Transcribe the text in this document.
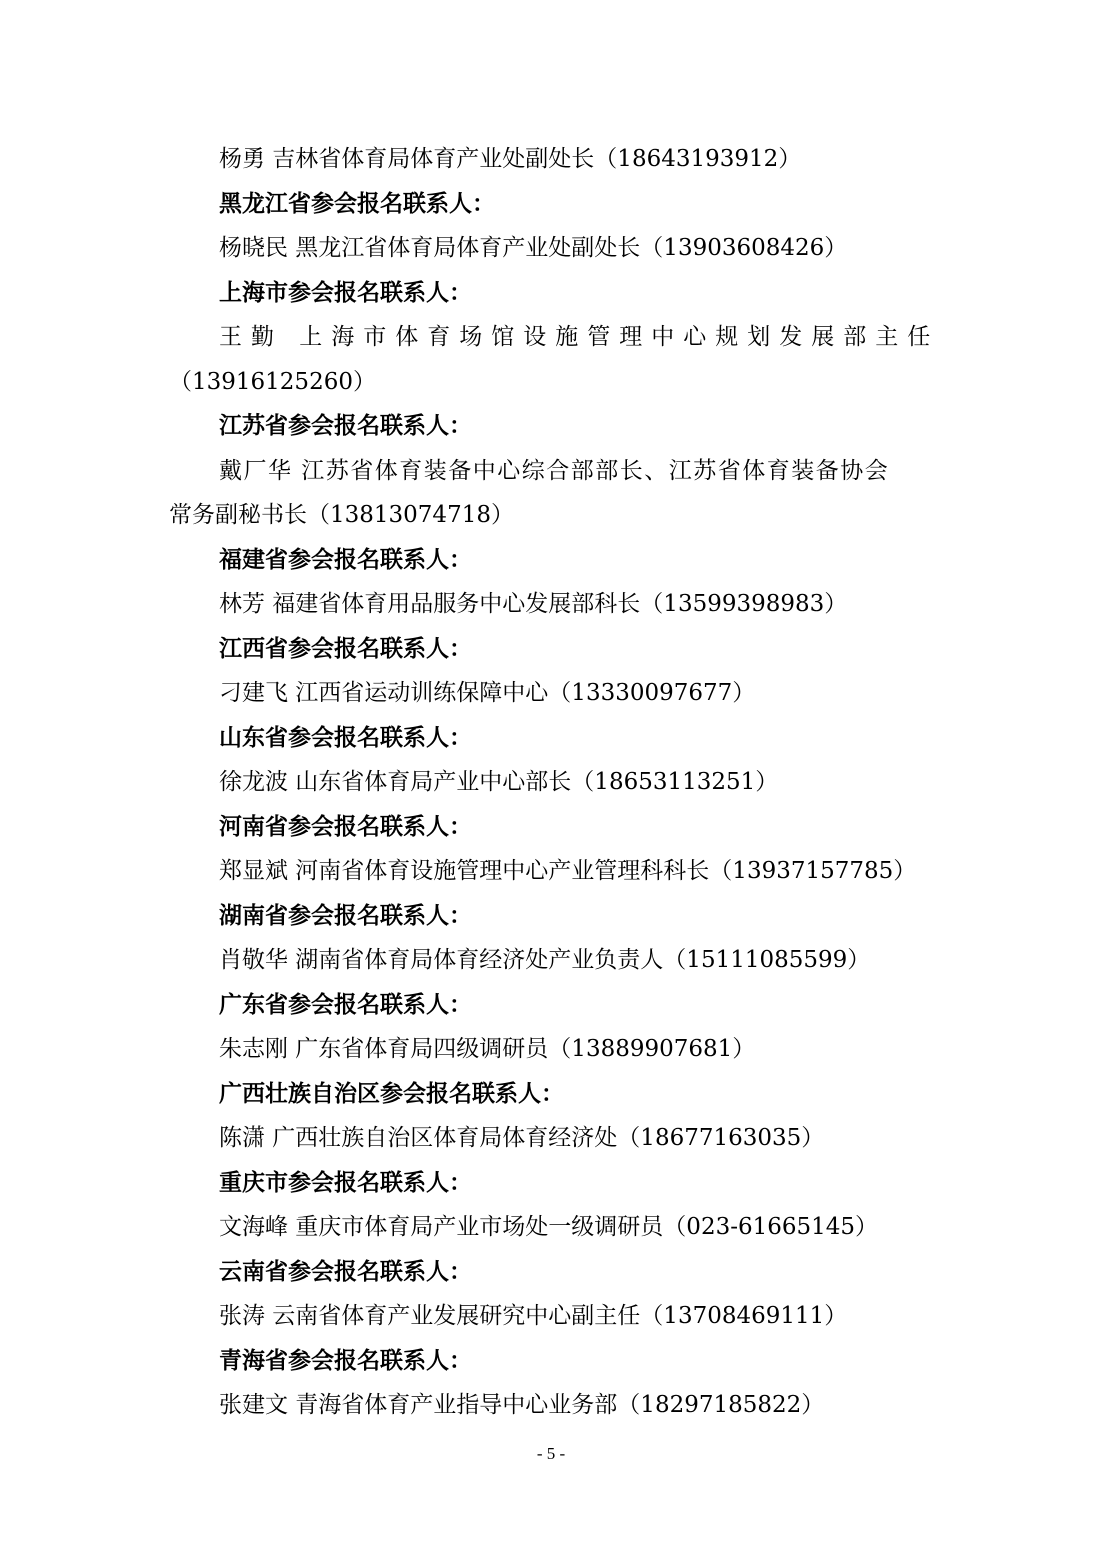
杨勇 吉林省体育局体育产业处副处长（18643193912）
黑龙江省参会报名联系人：
杨晓民 黑龙江省体育局体育产业处副处长（13903608426）
上海市参会报名联系人：
王勤 上海市体育场馆设施管理中心规划发展部主任
（13916125260）
江苏省参会报名联系人：
戴厂华 江苏省体育装备中心综合部部长、江苏省体育装备协会
常务副秘书长（13813074718）
福建省参会报名联系人：
林芳 福建省体育用品服务中心发展部科长（13599398983）
江西省参会报名联系人：
刁建飞 江西省运动训练保障中心（13330097677）
山东省参会报名联系人：
徐龙波 山东省体育局产业中心部长（18653113251）
河南省参会报名联系人：
郑显斌 河南省体育设施管理中心产业管理科科长（13937157785）
湖南省参会报名联系人：
肖敬华 湖南省体育局体育经济处产业负责人（15111085599）
广东省参会报名联系人：
朱志刚 广东省体育局四级调研员（13889907681）
广西壮族自治区参会报名联系人：
陈潇 广西壮族自治区体育局体育经济处（18677163035）
重庆市参会报名联系人：
文海峰 重庆市体育局产业市场处一级调研员（023-61665145）
云南省参会报名联系人：
张涛 云南省体育产业发展研究中心副主任（13708469111）
青海省参会报名联系人：
张建文 青海省体育产业指导中心业务部（18297185822）
- 5 -
